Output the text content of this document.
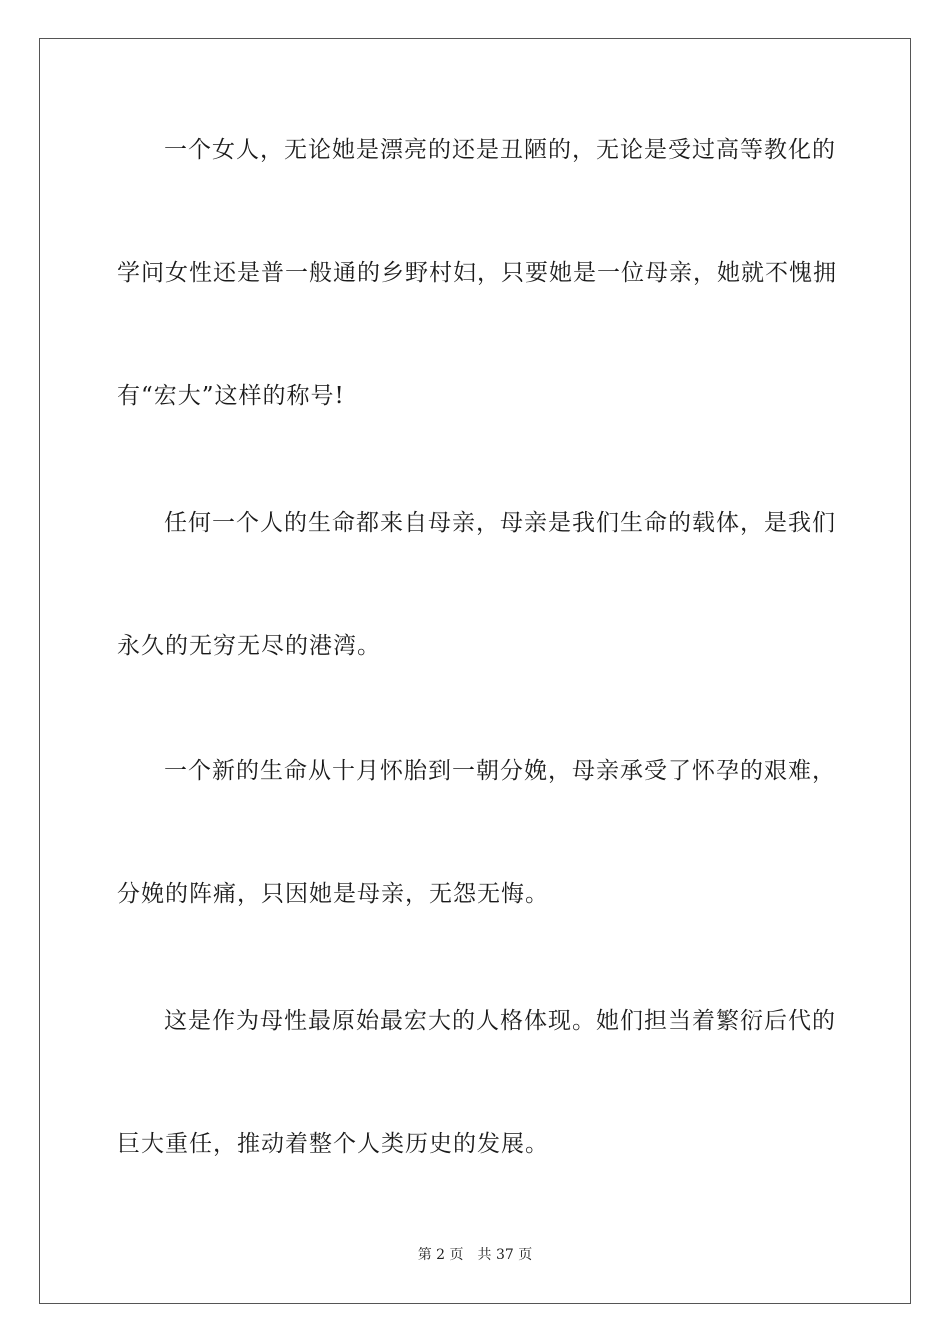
一个女人，无论她是漂亮的还是丑陋的，无论是受过高等教化的
学问女性还是普一般通的乡野村妇，只要她是一位母亲，她就不愧拥
有“宏大”这样的称号!
任何一个人的生命都来自母亲，母亲是我们生命的载体，是我们
永久的无穷无尽的港湾。
一个新的生命从十月怀胎到一朝分娩，母亲承受了怀孕的艰难，
分娩的阵痛，只因她是母亲，无怨无悔。
这是作为母性最原始最宏大的人格体现。她们担当着繁衍后代的
巨大重任，推动着整个人类历史的发展。
第 2 页 共 37 页
